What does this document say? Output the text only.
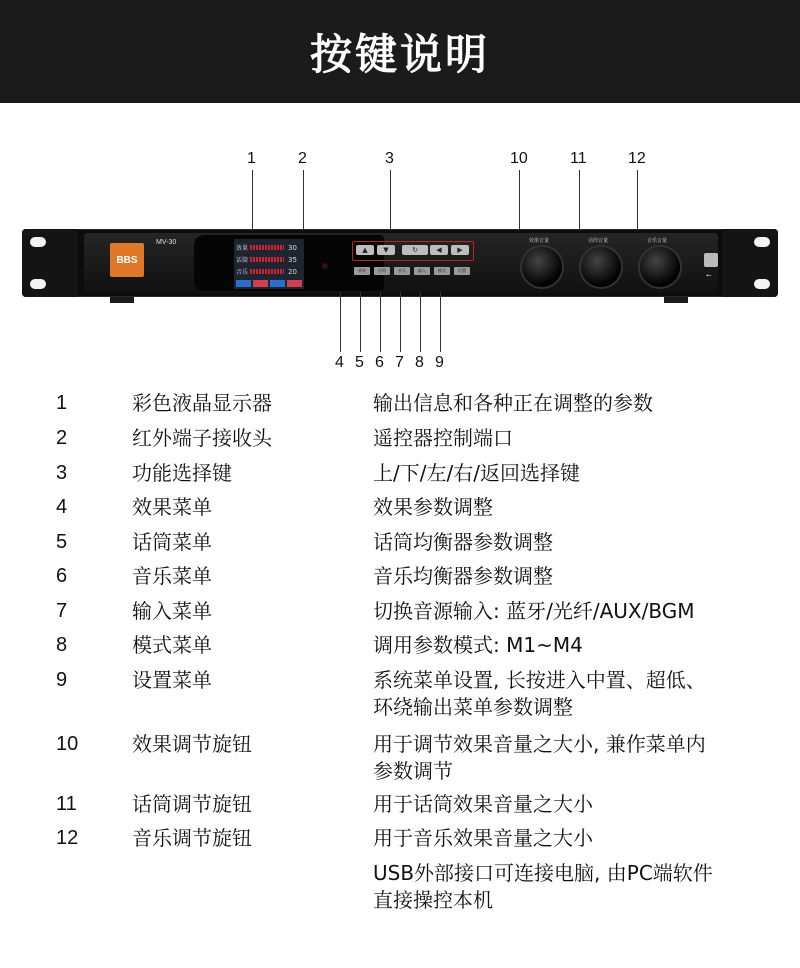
按键说明
1	2	3	10	11	12
BBS
MV-30
效果	30
话筒	35
音乐	20
▲	▼	↻	◀	▶
效果	话筒	音乐	输入	模式	设置
效果音量	话筒音量	音乐音量
⭠
4 5 6 7 8 9
1	彩色液晶显示器	输出信息和各种正在调整的参数
2	红外端子接收头	遥控器控制端口
3	功能选择键	上/下/左/右/返回选择键
4	效果菜单	效果参数调整
5	话筒菜单	话筒均衡器参数调整
6	音乐菜单	音乐均衡器参数调整
7	输入菜单	切换音源输入: 蓝牙/光纤/AUX/BGM
8	模式菜单	调用参数模式: M1~M4
9	设置菜单	系统菜单设置, 长按进入中置、超低、
环绕输出菜单参数调整
10	效果调节旋钮	用于调节效果音量之大小, 兼作菜单内
参数调节
11	话筒调节旋钮	用于话筒效果音量之大小
12	音乐调节旋钮	用于音乐效果音量之大小
USB外部接口可连接电脑, 由PC端软件
直接操控本机
